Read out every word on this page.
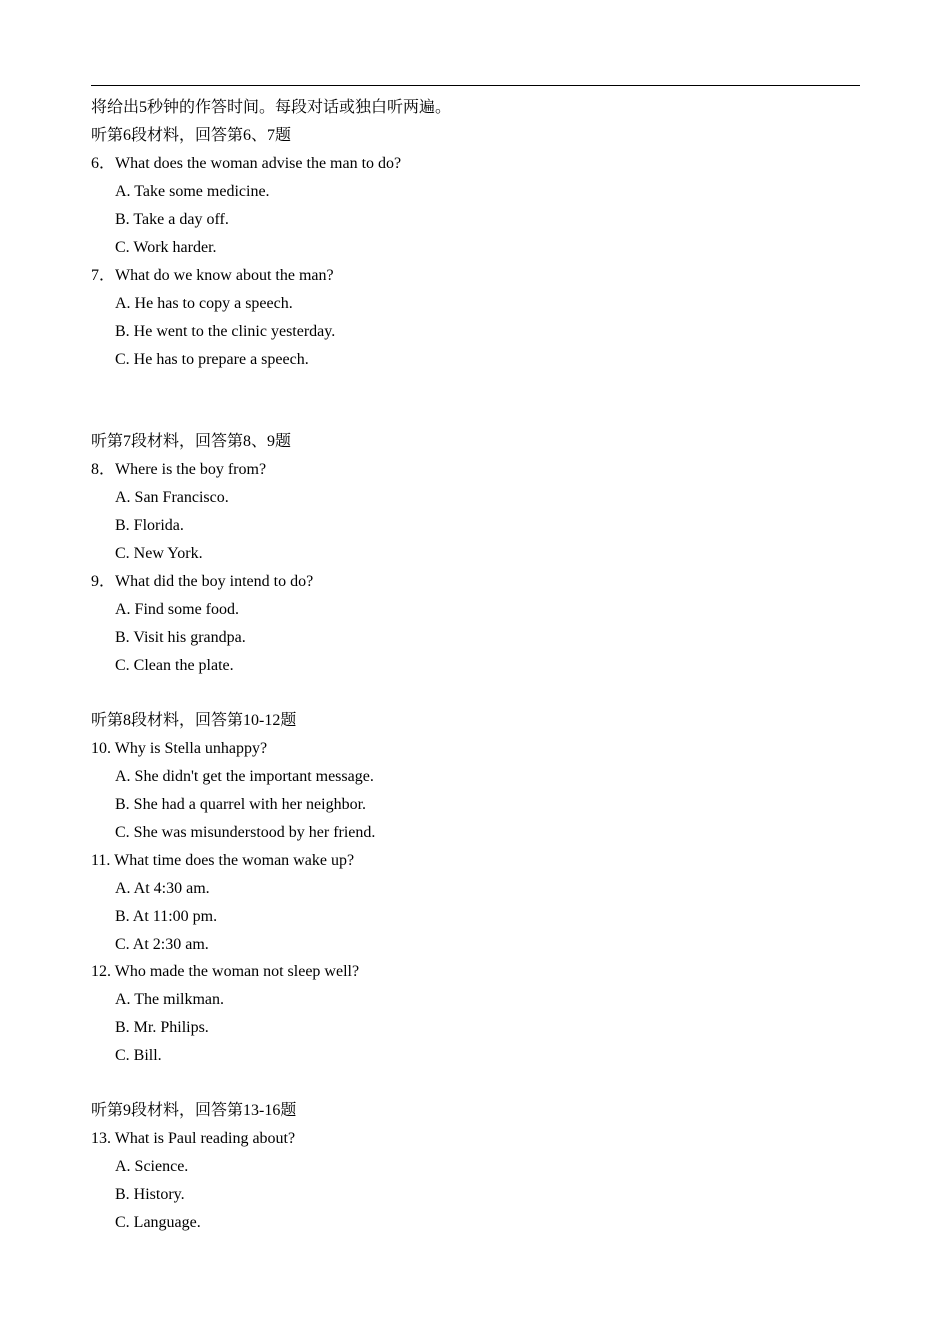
将给出5秒钟的作答时间。每段对话或独白听两遍。
听第6段材料，回答第6、7题
6．What does the woman advise the man to do?
A. Take some medicine.
B. Take a day off.
C. Work harder.
7．What do we know about the man?
A. He has to copy a speech.
B. He went to the clinic yesterday.
C. He has to prepare a speech.
听第7段材料，回答第8、9题
8．Where is the boy from?
A. San Francisco.
B. Florida.
C. New York.
9．What did the boy intend to do?
A. Find some food.
B. Visit his grandpa.
C. Clean the plate.
听第8段材料，回答第10-12题
10. Why is Stella unhappy?
A. She didn't get the important message.
B. She had a quarrel with her neighbor.
C. She was misunderstood by her friend.
11. What time does the woman wake up?
A. At 4:30 am.
B. At 11:00 pm.
C. At 2:30 am.
12. Who made the woman not sleep well?
A. The milkman.
B. Mr. Philips.
C. Bill.
听第9段材料，回答第13-16题
13. What is Paul reading about?
A. Science.
B. History.
C. Language.
